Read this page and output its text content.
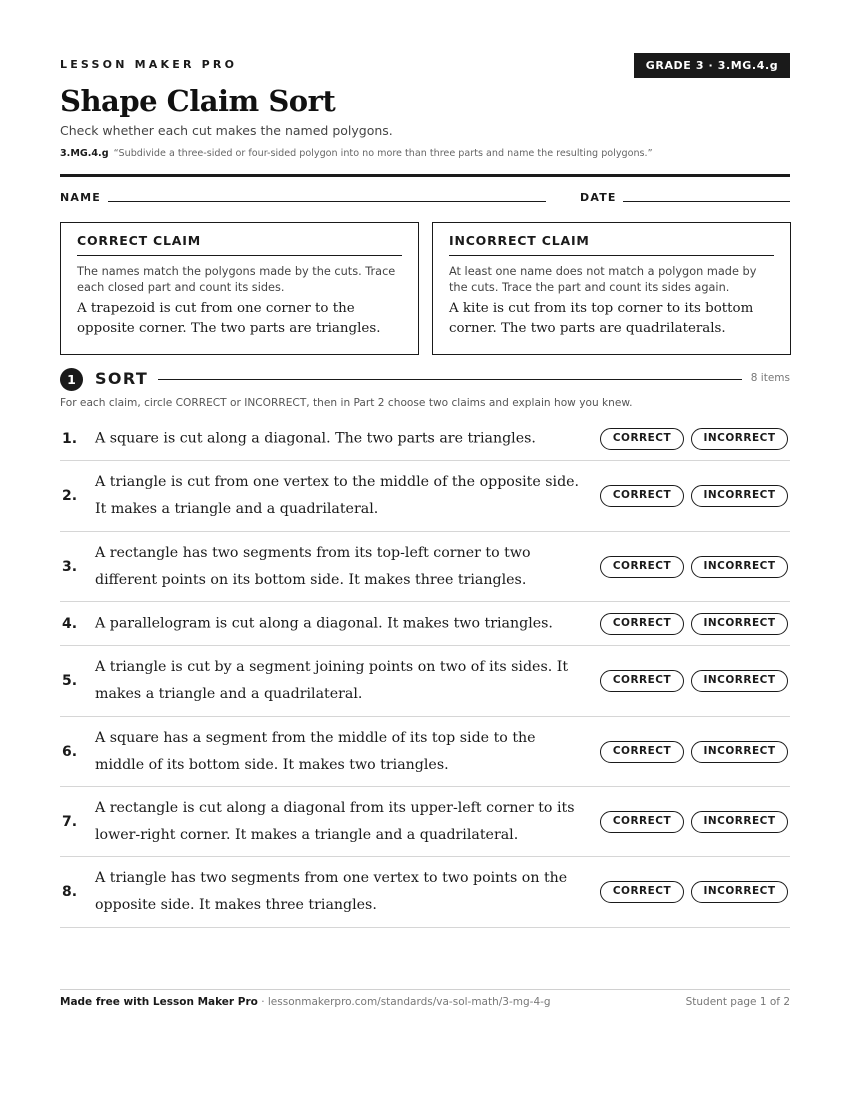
LESSON MAKER PRO	GRADE 3 · 3.MG.4.g
Shape Claim Sort
Check whether each cut makes the named polygons.
3.MG.4.g “Subdivide a three-sided or four-sided polygon into no more than three parts and name the resulting polygons.”
NAME	DATE
CORRECT CLAIM
The names match the polygons made by the cuts. Trace each closed part and count its sides.
A trapezoid is cut from one corner to the opposite corner. The two parts are triangles.
INCORRECT CLAIM
At least one name does not match a polygon made by the cuts. Trace the part and count its sides again.
A kite is cut from its top corner to its bottom corner. The two parts are quadrilaterals.
1	SORT	8 items
For each claim, circle CORRECT or INCORRECT, then in Part 2 choose two claims and explain how you knew.
1. A square is cut along a diagonal. The two parts are triangles.	CORRECT	INCORRECT
2.
A triangle is cut from one vertex to the middle of the opposite side. It makes a triangle and a quadrilateral.
CORRECT	INCORRECT
3.
A rectangle has two segments from its top-left corner to two different points on its bottom side. It makes three triangles.
CORRECT	INCORRECT
4. A parallelogram is cut along a diagonal. It makes two triangles.	CORRECT	INCORRECT
5.
A triangle is cut by a segment joining points on two of its sides. It makes a triangle and a quadrilateral.
CORRECT	INCORRECT
6.
A square has a segment from the middle of its top side to the middle of its bottom side. It makes two triangles.
CORRECT	INCORRECT
7.
A rectangle is cut along a diagonal from its upper-left corner to its lower-right corner. It makes a triangle and a quadrilateral.
CORRECT	INCORRECT
8.
A triangle has two segments from one vertex to two points on the opposite side. It makes three triangles.
CORRECT	INCORRECT
Made free with Lesson Maker Pro · lessonmakerpro.com/standards/va-sol-math/3-mg-4-g	Student page 1 of 2
